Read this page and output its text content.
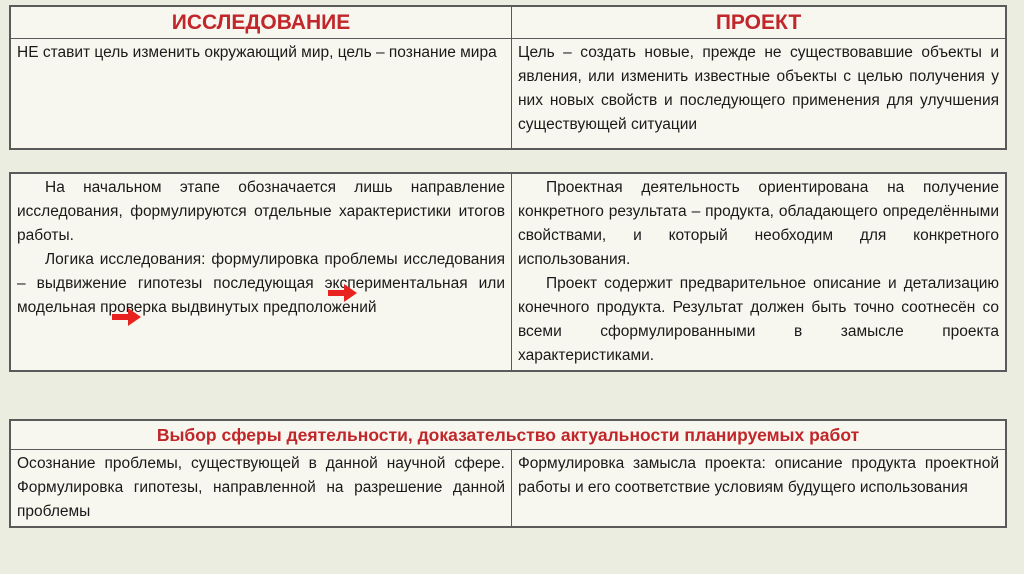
ИССЛЕДОВАНИЕ	ПРОЕКТ
НЕ ставит цель изменить окружающий мир, цель – познание мира	Цель – создать новые, прежде не существовавшие объекты и явления, или изменить известные объекты с целью получения у них новых свойств и последующего применения для улучшения существующей ситуации

На начальном этапе обозначается лишь направление исследования, формулируются отдельные характеристики итогов работы.

Логика исследования: формулировка проблемы исследования – выдвижение гипотезы последующая экспериментальная или модельная проверка выдвинутых предположений

Проектная деятельность ориентирована на получение конкретного результата – продукта, обладающего определёнными свойствами, и который необходим для конкретного использования.

Проект содержит предварительное описание и детализацию конечного продукта. Результат должен быть точно соотнесён со всеми сформулированными в замысле проекта характеристиками.

Выбор сферы деятельности, доказательство актуальности планируемых работ
Осознание проблемы, существующей в данной научной сфере. Формулировка гипотезы, направленной на разрешение данной проблемы
Формулировка замысла проекта: описание продукта проектной работы и его соответствие условиям будущего использования
